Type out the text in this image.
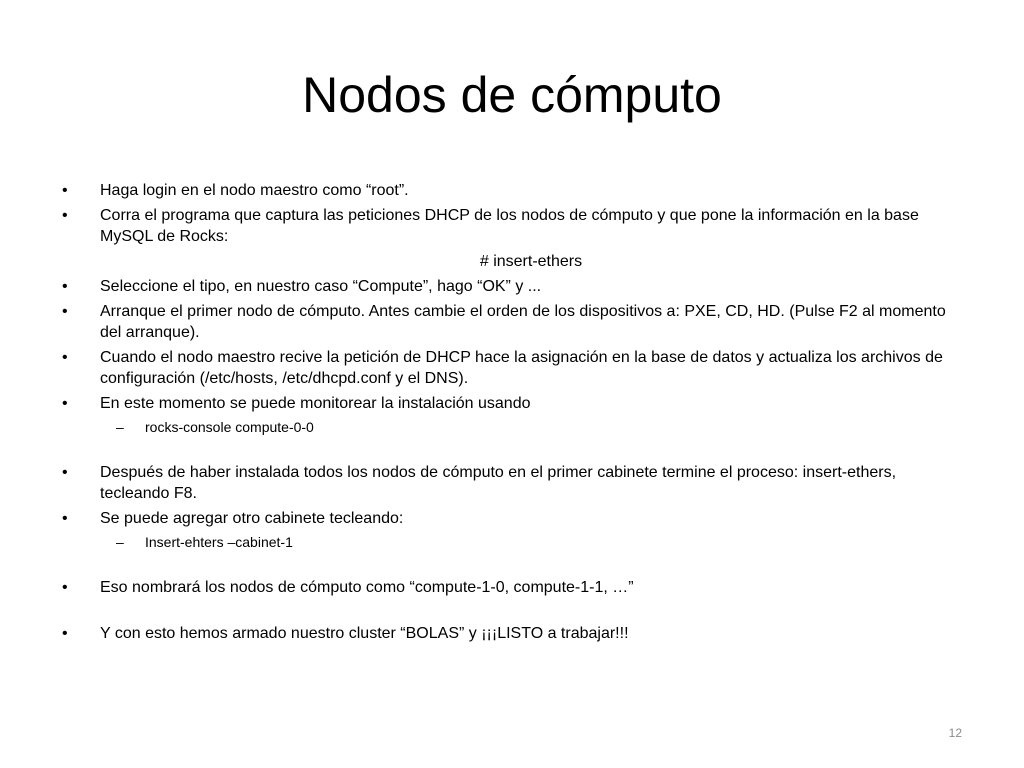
Nodos de cómputo
•	Haga login en el nodo maestro como “root”.
•	Corra el programa que captura las peticiones DHCP de los nodos de cómputo y que pone la información en la base MySQL de Rocks:
# insert-ethers
•	Seleccione el tipo, en nuestro caso “Compute”, hago “OK” y ...
•	Arranque el primer nodo de cómputo. Antes cambie el orden de los dispositivos a: PXE, CD, HD. (Pulse F2 al momento del arranque).
•	Cuando el nodo maestro recive la petición de DHCP hace la asignación en la base de datos y actualiza los archivos de configuración (/etc/hosts, /etc/dhcpd.conf y el DNS).
•	En este momento se puede monitorear la instalación usando
– rocks-console compute-0-0
•	Después de haber instalada todos los nodos de cómputo en el primer cabinete termine el proceso: insert-ethers, tecleando F8.
•	Se puede agregar otro cabinete tecleando:
– Insert-ehters –cabinet-1
•	Eso nombrará los nodos de cómputo como “compute-1-0, compute-1-1, …”
•	Y con esto hemos armado nuestro cluster “BOLAS” y ¡¡¡LISTO a trabajar!!!
12
